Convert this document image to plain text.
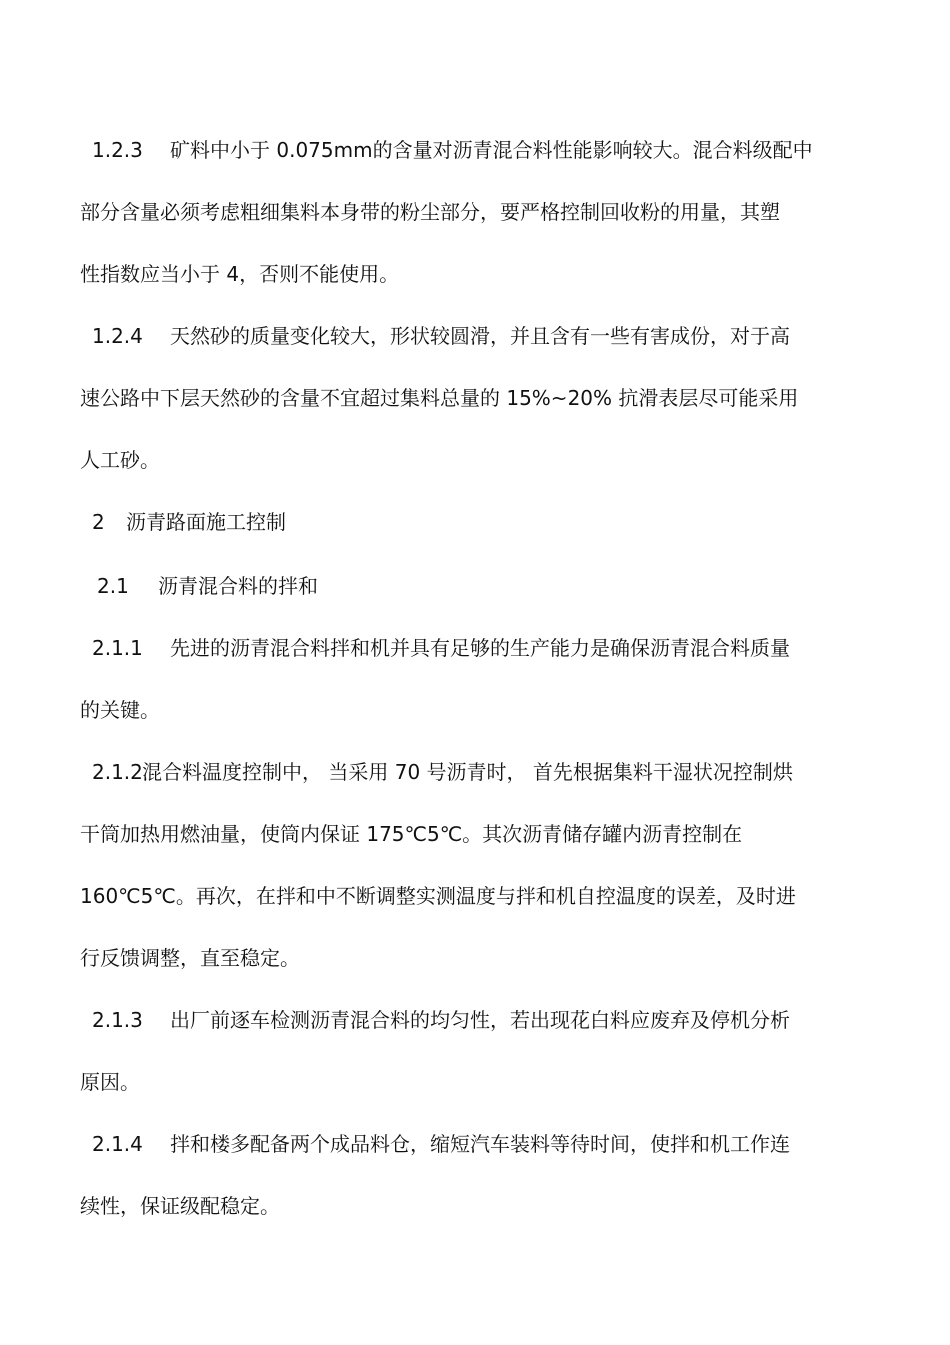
1.2.3 矿料中小于 0.075mm的含量对沥青混合料性能影响较大。混合料级配中
部分含量必须考虑粗细集料本身带的粉尘部分，要严格控制回收粉的用量，其塑
性指数应当小于 4，否则不能使用。
1.2.4 天然砂的质量变化较大，形状较圆滑，并且含有一些有害成份，对于高
速公路中下层天然砂的含量不宜超过集料总量的 15%~20% 抗滑表层尽可能采用
人工砂。
2 沥青路面施工控制
2.1 沥青混合料的拌和
2.1.1 先进的沥青混合料拌和机并具有足够的生产能力是确保沥青混合料质量
的关键。
2.1.2混合料温度控制中， 当采用 70 号沥青时， 首先根据集料干湿状况控制烘
干筒加热用燃油量，使筒内保证 175℃5℃。其次沥青储存罐内沥青控制在
160℃5℃。再次，在拌和中不断调整实测温度与拌和机自控温度的误差，及时进
行反馈调整，直至稳定。
2.1.3 出厂前逐车检测沥青混合料的均匀性，若出现花白料应废弃及停机分析
原因。
2.1.4 拌和楼多配备两个成品料仓，缩短汽车装料等待时间，使拌和机工作连
续性，保证级配稳定。
